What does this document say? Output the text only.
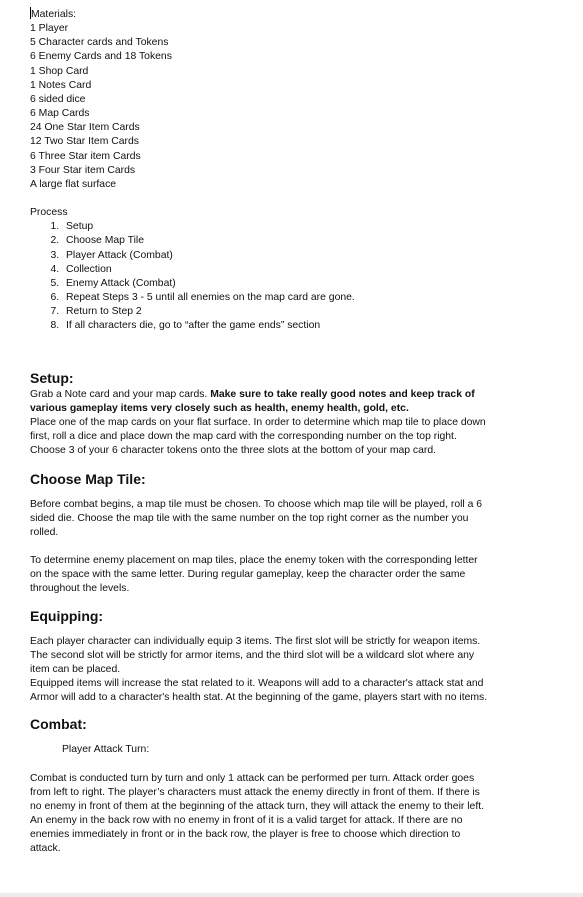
Materials:
1 Player
5 Character cards and Tokens
6 Enemy Cards and 18 Tokens
1 Shop Card
1 Notes Card
6 sided dice
6 Map Cards
24 One Star Item Cards
12 Two Star Item Cards
6 Three Star item Cards
3 Four Star item Cards
A large flat surface
Process
1. Setup
2. Choose Map Tile
3. Player Attack (Combat)
4. Collection
5. Enemy Attack (Combat)
6. Repeat Steps 3 - 5 until all enemies on the map card are gone.
7. Return to Step 2
8. If all characters die, go to “after the game ends” section
Setup:

Grab a Note card and your map cards. Make sure to take really good notes and keep track of various gameplay items very closely such as health, enemy health, gold, etc.

Place one of the map cards on your flat surface. In order to determine which map tile to place down first, roll a dice and place down the map card with the corresponding number on the top right.

Choose 3 of your 6 character tokens onto the three slots at the bottom of your map card.

Choose Map Tile:

Before combat begins, a map tile must be chosen. To choose which map tile will be played, roll a 6 sided die. Choose the map tile with the same number on the top right corner as the number you rolled.

To determine enemy placement on map tiles, place the enemy token with the corresponding letter on the space with the same letter. During regular gameplay, keep the character order the same throughout the levels.

Equipping:

Each player character can individually equip 3 items. The first slot will be strictly for weapon items. The second slot will be strictly for armor items, and the third slot will be a wildcard slot where any item can be placed.

Equipped items will increase the stat related to it. Weapons will add to a character's attack stat and Armor will add to a character's health stat. At the beginning of the game, players start with no items.

Combat:

Player Attack Turn:

Combat is conducted turn by turn and only 1 attack can be performed per turn. Attack order goes from left to right. The player’s characters must attack the enemy directly in front of them. If there is no enemy in front of them at the beginning of the attack turn, they will attack the enemy to their left. An enemy in the back row with no enemy in front of it is a valid target for attack. If there are no enemies immediately in front or in the back row, the player is free to choose which direction to attack.
